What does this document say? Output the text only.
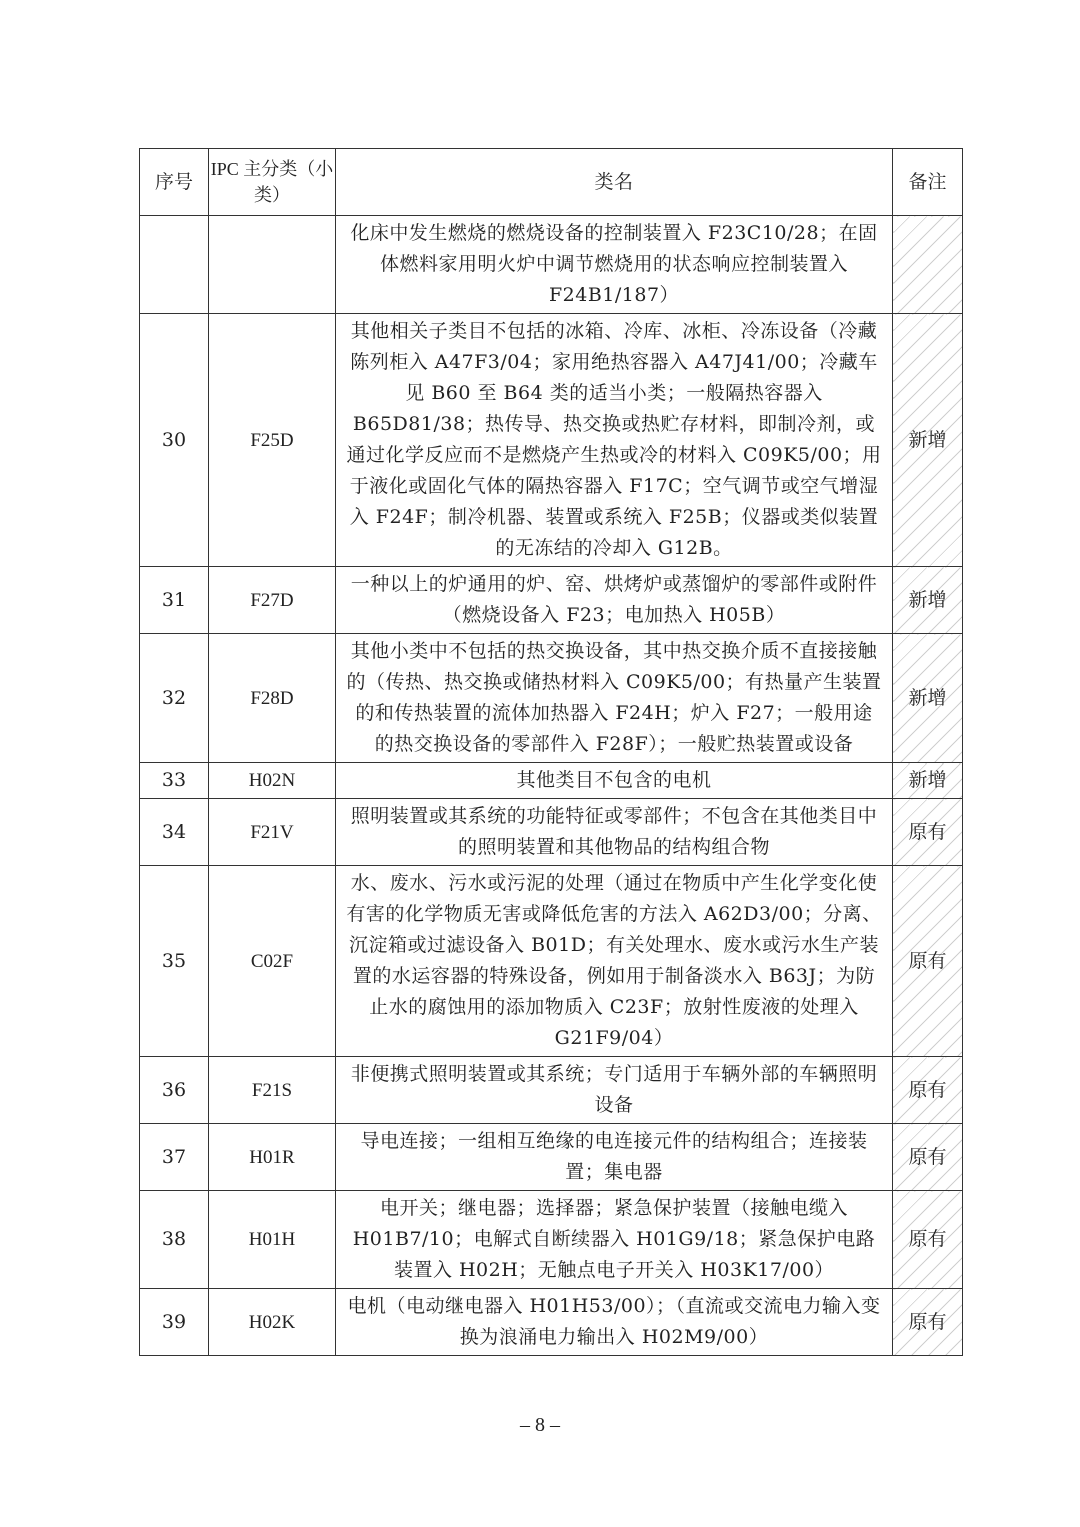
序号	IPC 主分类（小类）	类名	备注
		化床中发生燃烧的燃烧设备的控制装置入 F23C10/28；在固体燃料家用明火炉中调节燃烧用的状态响应控制装置入 F24B1/187）	
30	F25D	其他相关子类目不包括的冰箱、冷库、冰柜、冷冻设备（冷藏陈列柜入 A47F3/04；家用绝热容器入 A47J41/00；冷藏车见 B60 至 B64 类的适当小类；一般隔热容器入 B65D81/38；热传导、热交换或热贮存材料，即制冷剂，或通过化学反应而不是燃烧产生热或冷的材料入 C09K5/00；用于液化或固化气体的隔热容器入 F17C；空气调节或空气增湿入 F24F；制冷机器、装置或系统入 F25B；仪器或类似装置的无冻结的冷却入 G12B。	新增
31	F27D	一种以上的炉通用的炉、窑、烘烤炉或蒸馏炉的零部件或附件（燃烧设备入 F23；电加热入 H05B）	新增
32	F28D	其他小类中不包括的热交换设备，其中热交换介质不直接接触的（传热、热交换或储热材料入 C09K5/00；有热量产生装置的和传热装置的流体加热器入 F24H；炉入 F27；一般用途的热交换设备的零部件入 F28F）；一般贮热装置或设备	新增
33	H02N	其他类目不包含的电机	新增
34	F21V	照明装置或其系统的功能特征或零部件；不包含在其他类目中的照明装置和其他物品的结构组合物	原有
35	C02F	水、废水、污水或污泥的处理（通过在物质中产生化学变化使有害的化学物质无害或降低危害的方法入 A62D3/00；分离、沉淀箱或过滤设备入 B01D；有关处理水、废水或污水生产装置的水运容器的特殊设备，例如用于制备淡水入 B63J；为防止水的腐蚀用的添加物质入 C23F；放射性废液的处理入 G21F9/04）	原有
36	F21S	非便携式照明装置或其系统；专门适用于车辆外部的车辆照明设备	原有
37	H01R	导电连接；一组相互绝缘的电连接元件的结构组合；连接装置；集电器	原有
38	H01H	电开关；继电器；选择器；紧急保护装置（接触电缆入 H01B7/10；电解式自断续器入 H01G9/18；紧急保护电路装置入 H02H；无触点电子开关入 H03K17/00）	原有
39	H02K	电机（电动继电器入 H01H53/00）；（直流或交流电力输入变换为浪涌电力输出入 H02M9/00）	原有
– 8 –
